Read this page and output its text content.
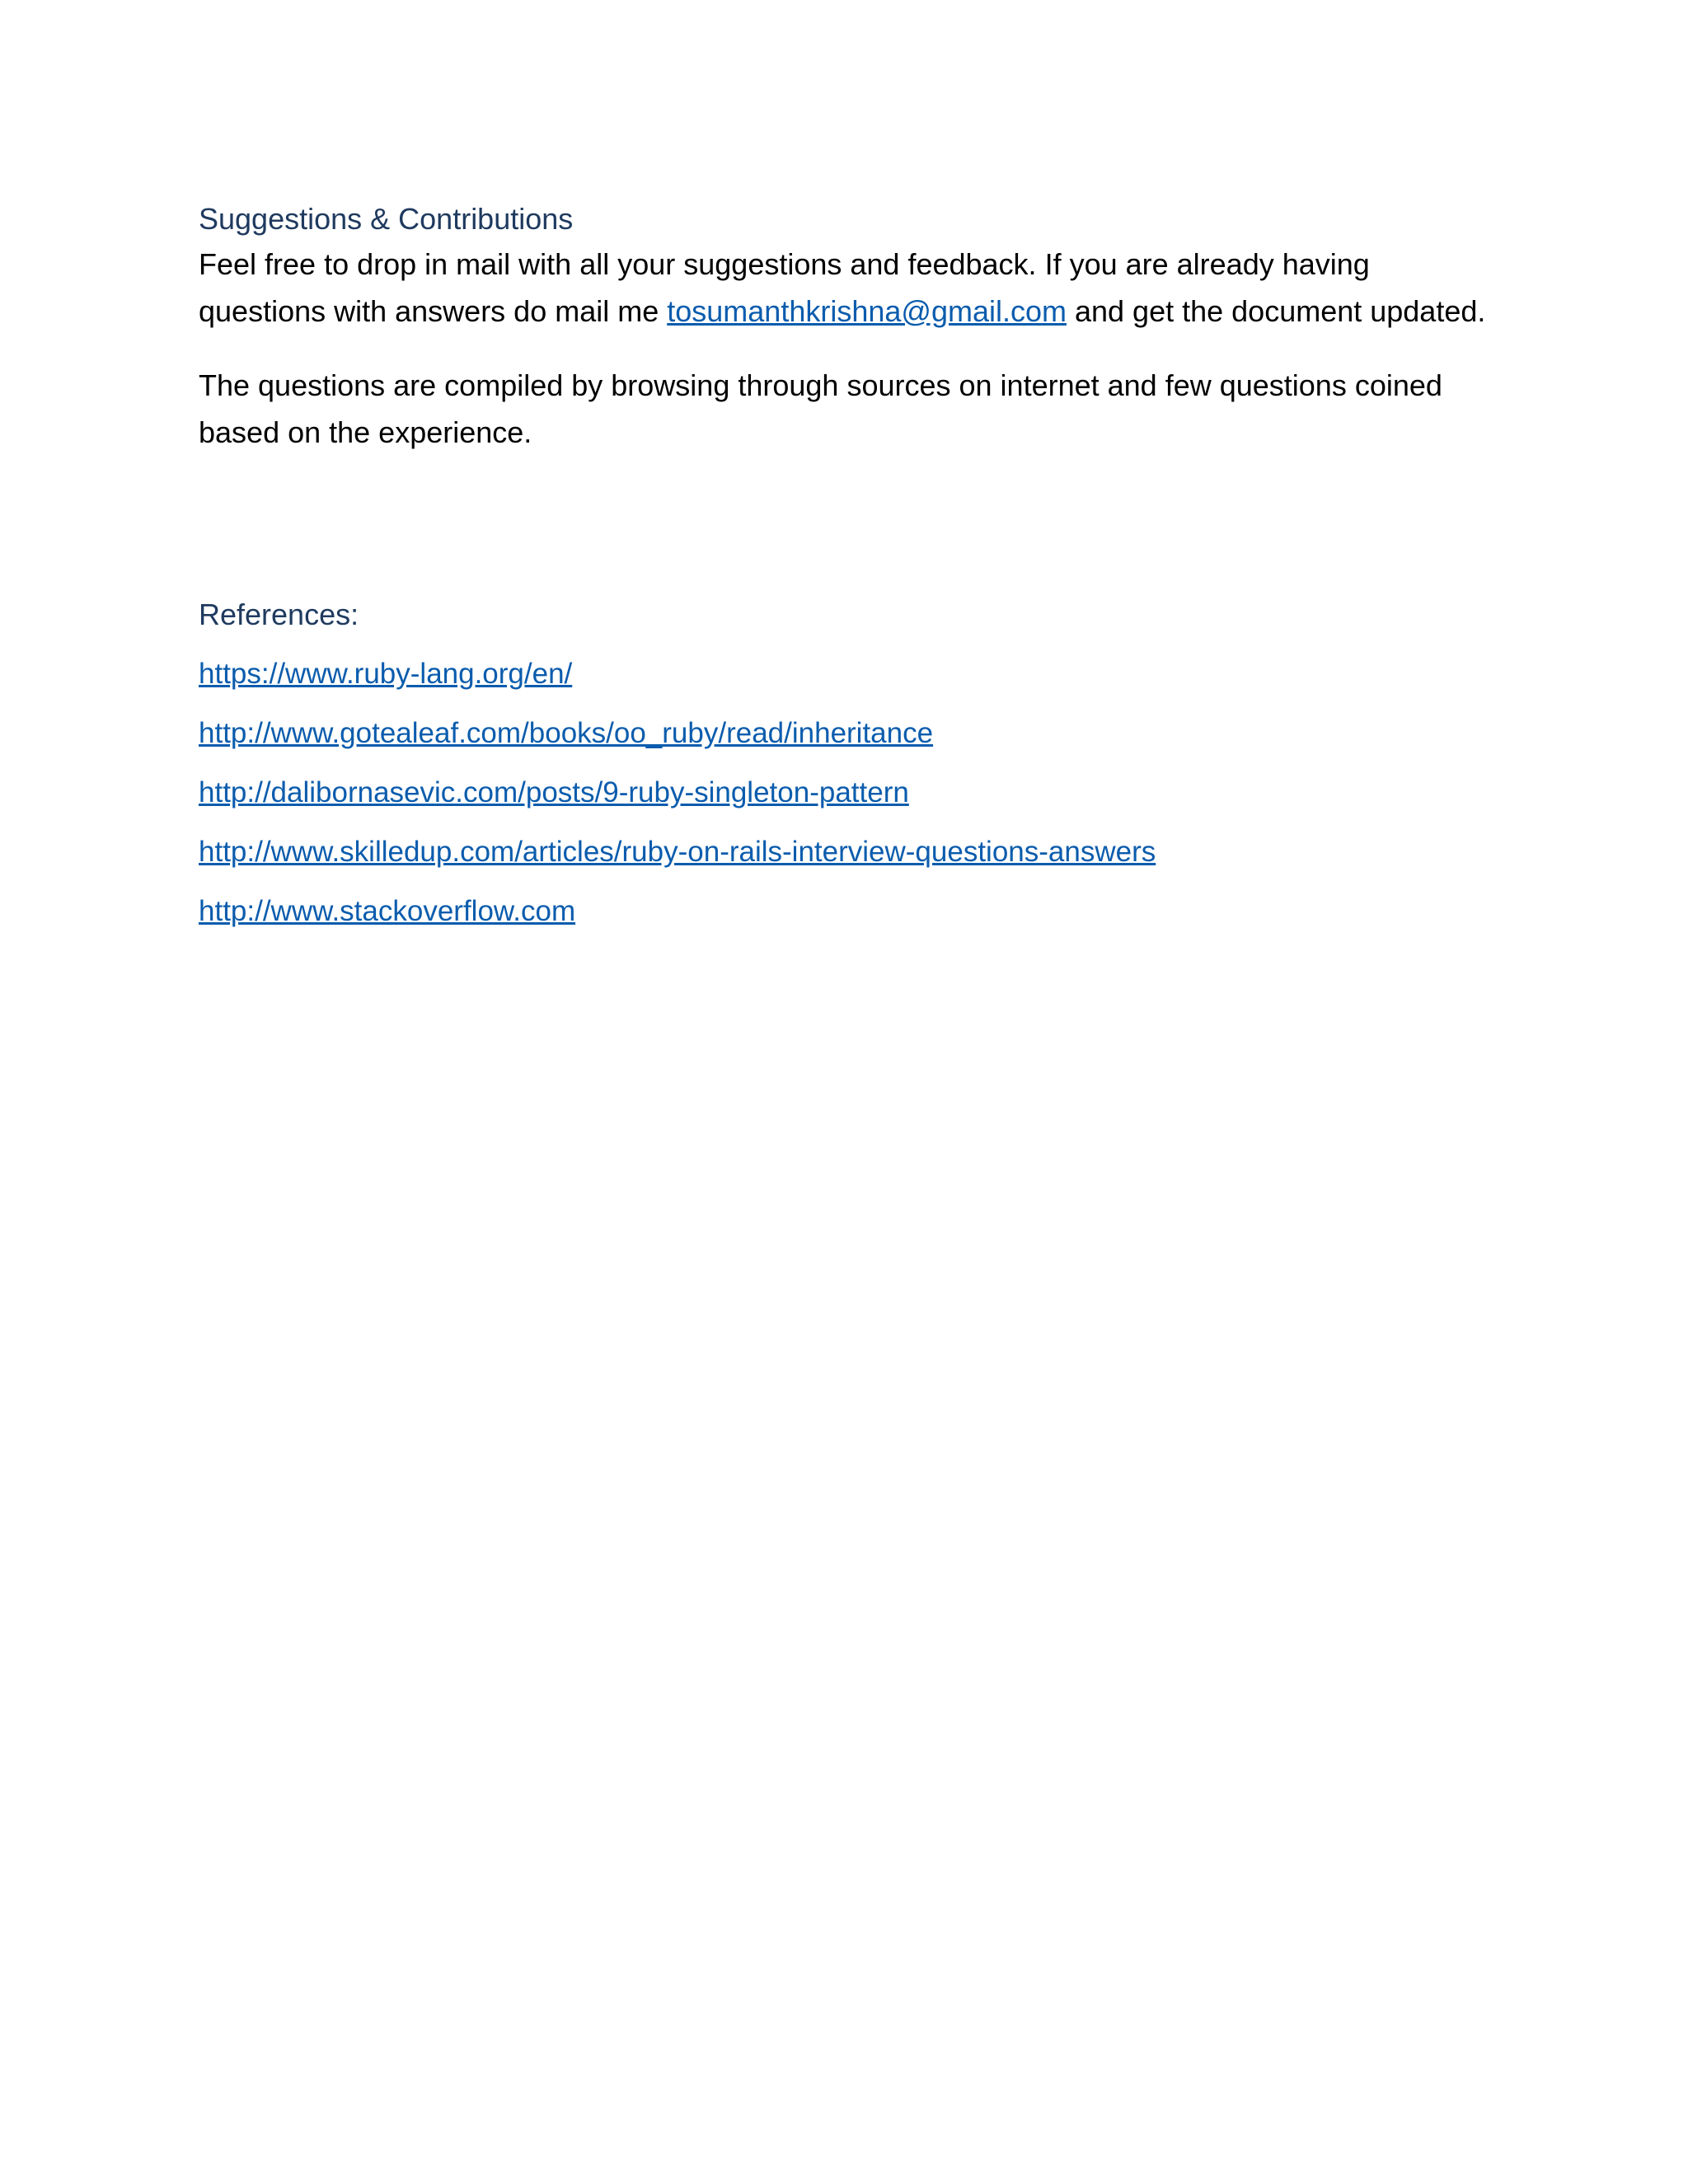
Suggestions & Contributions

Feel free to drop in mail with all your suggestions and feedback. If you are already having questions with answers do mail me tosumanthkrishna@gmail.com and get the document updated.

The questions are compiled by browsing through sources on internet and few questions coined based on the experience.

References:
https://www.ruby-lang.org/en/
http://www.gotealeaf.com/books/oo_ruby/read/inheritance
http://dalibornasevic.com/posts/9-ruby-singleton-pattern
http://www.skilledup.com/articles/ruby-on-rails-interview-questions-answers
http://www.stackoverflow.com
